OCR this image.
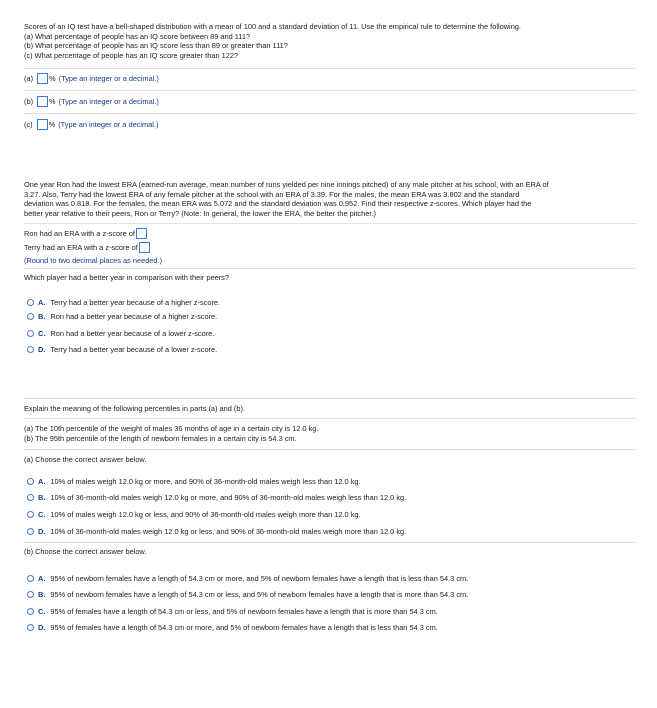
Scores of an IQ test have a bell-shaped distribution with a mean of 100 and a standard deviation of 11. Use the empirical rule to determine the following.

(a) What percentage of people has an IQ score between 89 and 111?

(b) What percentage of people has an IQ score less than 89 or greater than 111?

(c) What percentage of people has an IQ score greater than 122?

(a) % (Type an integer or a decimal.)
(b) % (Type an integer or a decimal.)
(c) % (Type an integer or a decimal.)

One year Ron had the lowest ERA (earned-run average, mean number of runs yielded per nine innings pitched) of any male pitcher at his school, with an ERA of

3.27. Also, Terry had the lowest ERA of any female pitcher at the school with an ERA of 3.39. For the males, the mean ERA was 3.802 and the standard

deviation was 0.818. For the females, the mean ERA was 5.072 and the standard deviation was 0.952. Find their respective z-scores. Which player had the

better year relative to their peers, Ron or Terry? (Note: In general, the lower the ERA, the better the pitcher.)

Ron had an ERA with a z-score of
Terry had an ERA with a z-score of
(Round to two decimal places as needed.)
Which player had a better year in comparison with their peers?
A. Terry had a better year because of a higher z-score.
B. Ron had a better year because of a higher z-score.
C. Ron had a better year because of a lower z-score.
D. Terry had a better year because of a lower z-score.

Explain the meaning of the following percentiles in parts (a) and (b).

(a) The 10th percentile of the weight of males 36 months of age in a certain city is 12.0 kg.

(b) The 95th percentile of the length of newborn females in a certain city is 54.3 cm.

(a) Choose the correct answer below.
A. 10% of males weigh 12.0 kg or more, and 90% of 36-month-old males weigh less than 12.0 kg.
B. 10% of 36-month-old males weigh 12.0 kg or more, and 90% of 36-month-old males weigh less than 12.0 kg.
C. 10% of males weigh 12.0 kg or less, and 90% of 36-month-old males weigh more than 12.0 kg.
D. 10% of 36-month-old males weigh 12.0 kg or less, and 90% of 36-month-old males weigh more than 12.0 kg.
(b) Choose the correct answer below.
A. 95% of newborn females have a length of 54.3 cm or more, and 5% of newborn females have a length that is less than 54.3 cm.
B. 95% of newborn females have a length of 54.3 cm or less, and 5% of newborn females have a length that is more than 54.3 cm.
C. 95% of females have a length of 54.3 cm or less, and 5% of newborn females have a length that is more than 54.3 cm.
D. 95% of females have a length of 54.3 cm or more, and 5% of newborn females have a length that is less than 54.3 cm.
